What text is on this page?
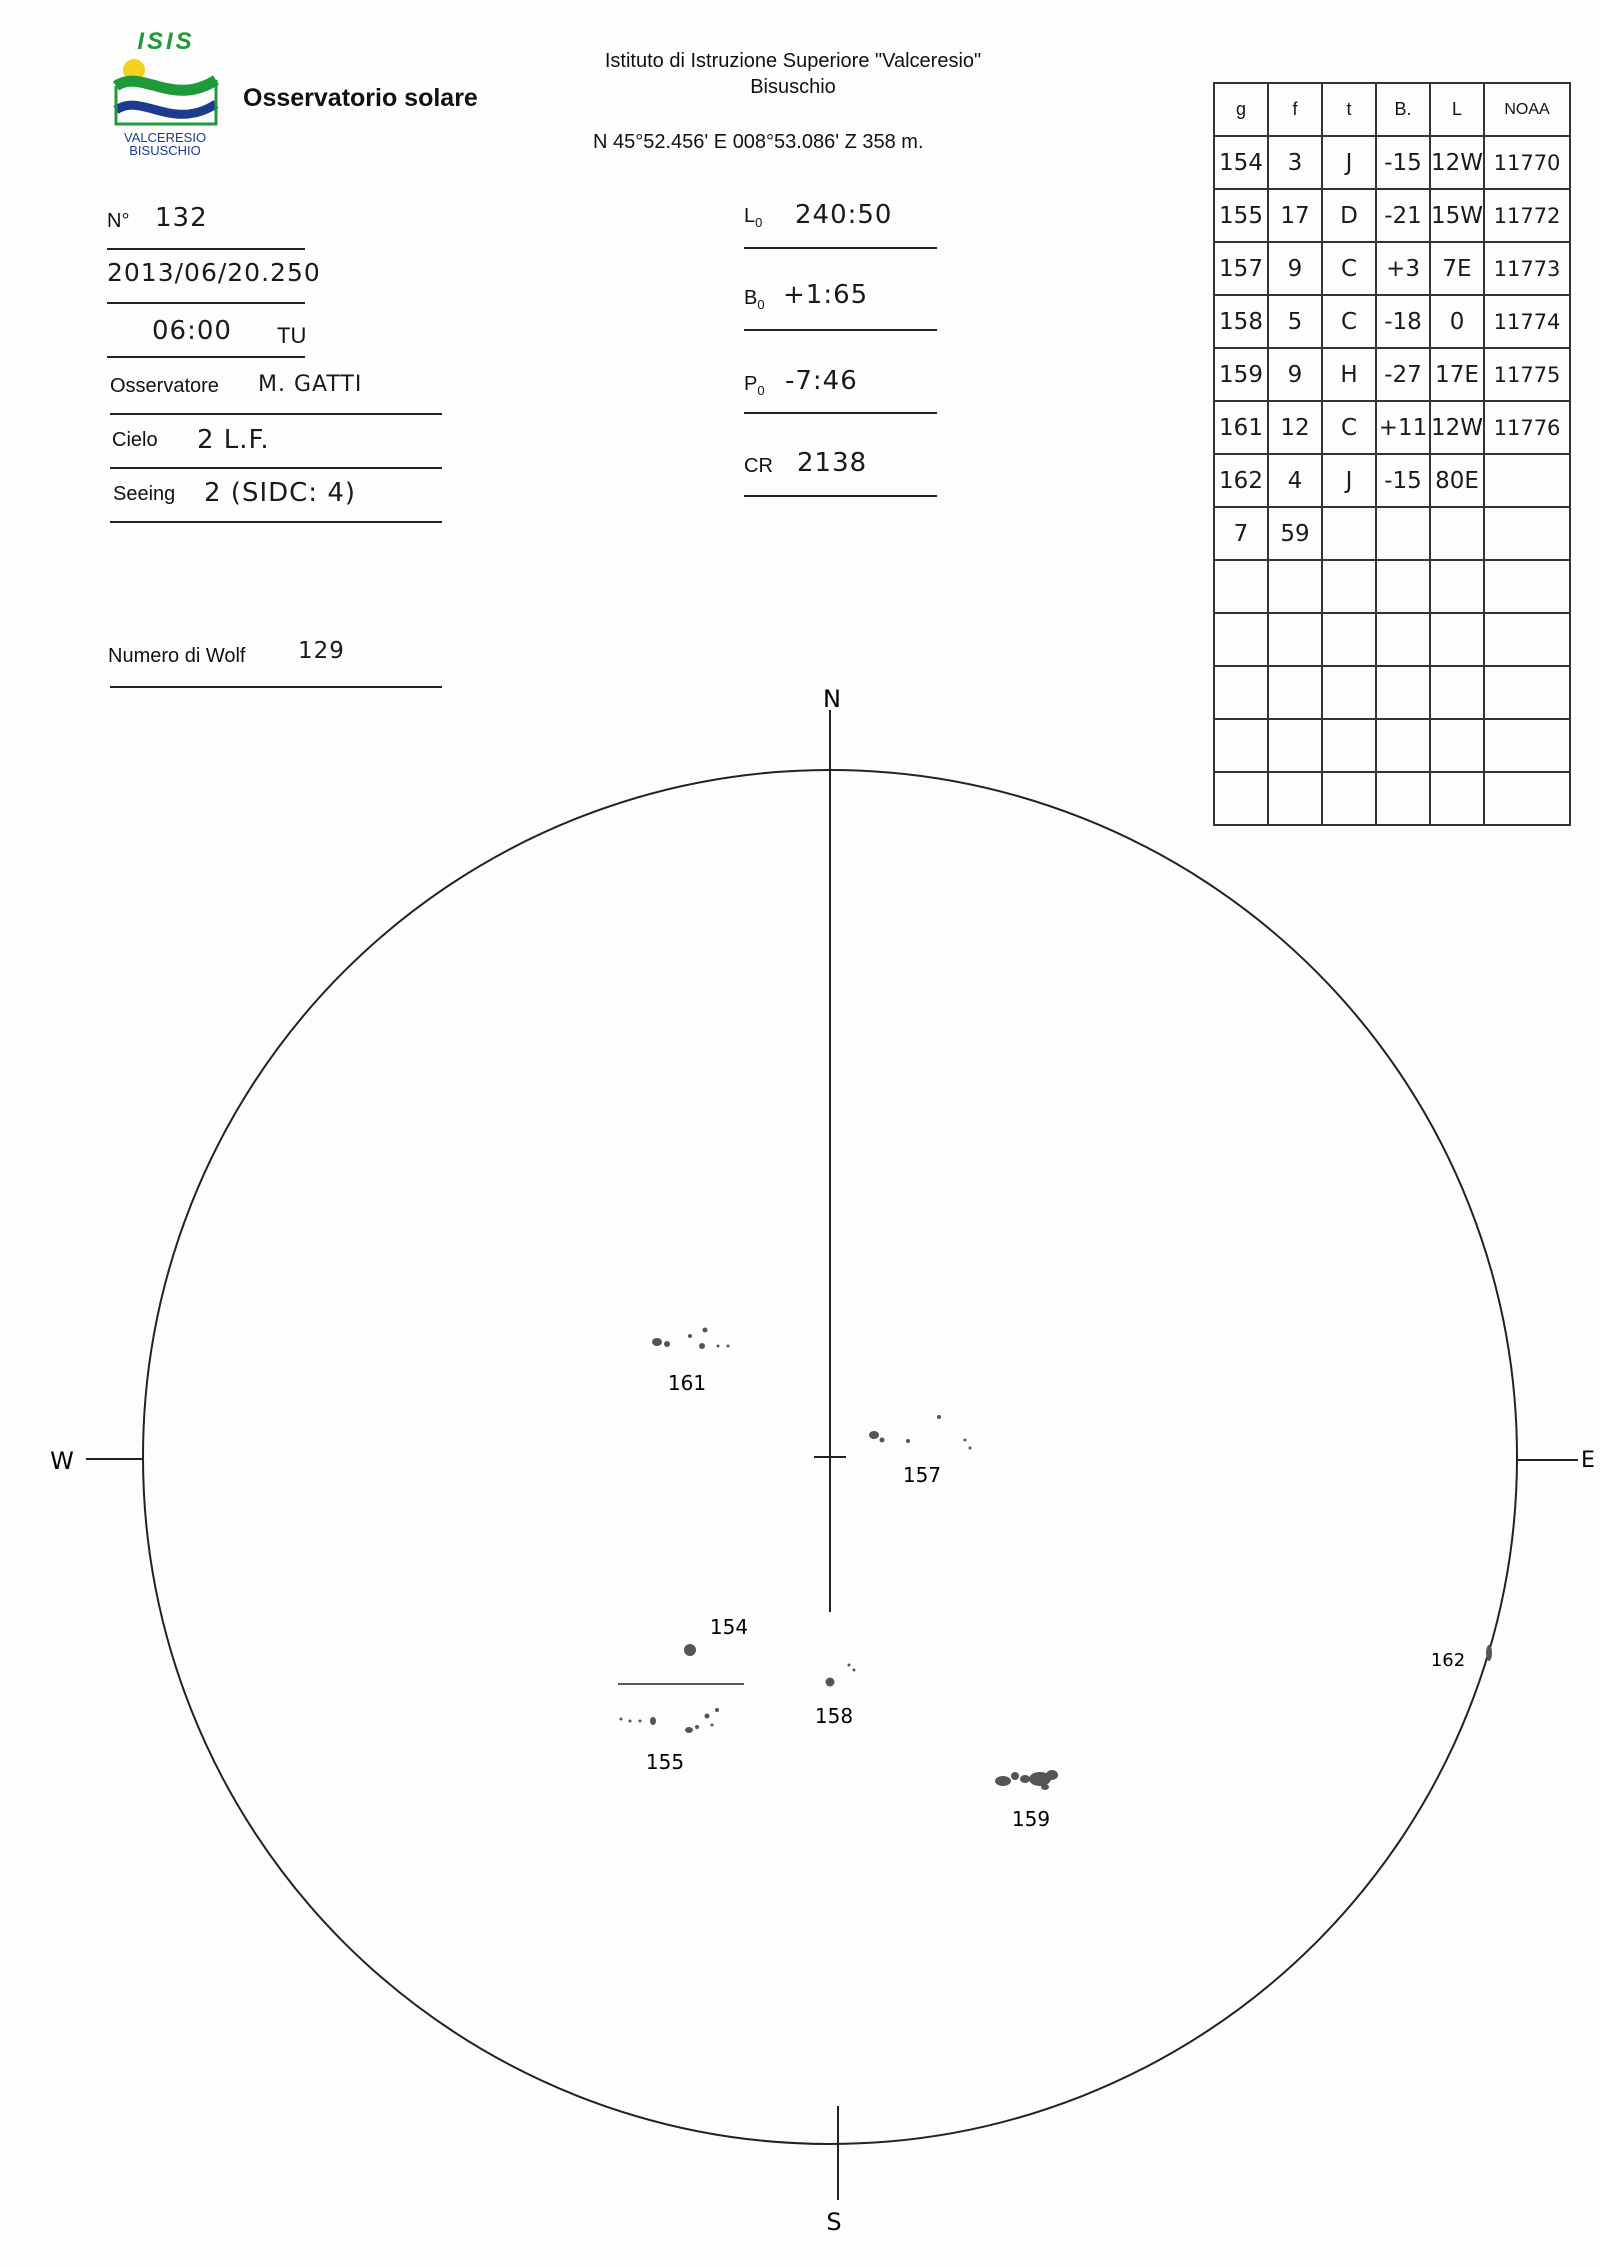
ISIS
VALCERESIO
BISUSCHIO
Osservatorio solare
Istituto di Istruzione Superiore "Valceresio"
Bisuschio
N 45°52.456' E 008°53.086' Z 358 m.
N° 132
2013/06/20.250
06:00 TU
Osservatore M. GATTI
Cielo 2 L.F.
Seeing 2 (SIDC: 4)
Numero di Wolf 129
$L_0$ 240:50
$B_0$ +1:65
$P_0$ -7:46
CR 2138
g	f	t	B.	L	NOAA
154	3	J	-15	12W	11770
155	17	D	-21	15W	11772
157	9	C	+3	7E	11773
158	5	C	-18	0	11774
159	9	H	-27	17E	11775
161	12	C	+11	12W	11776
162	4	J	-15	80E	
7	59				

N
S
W	E
161
157
154
158
155
159
162
